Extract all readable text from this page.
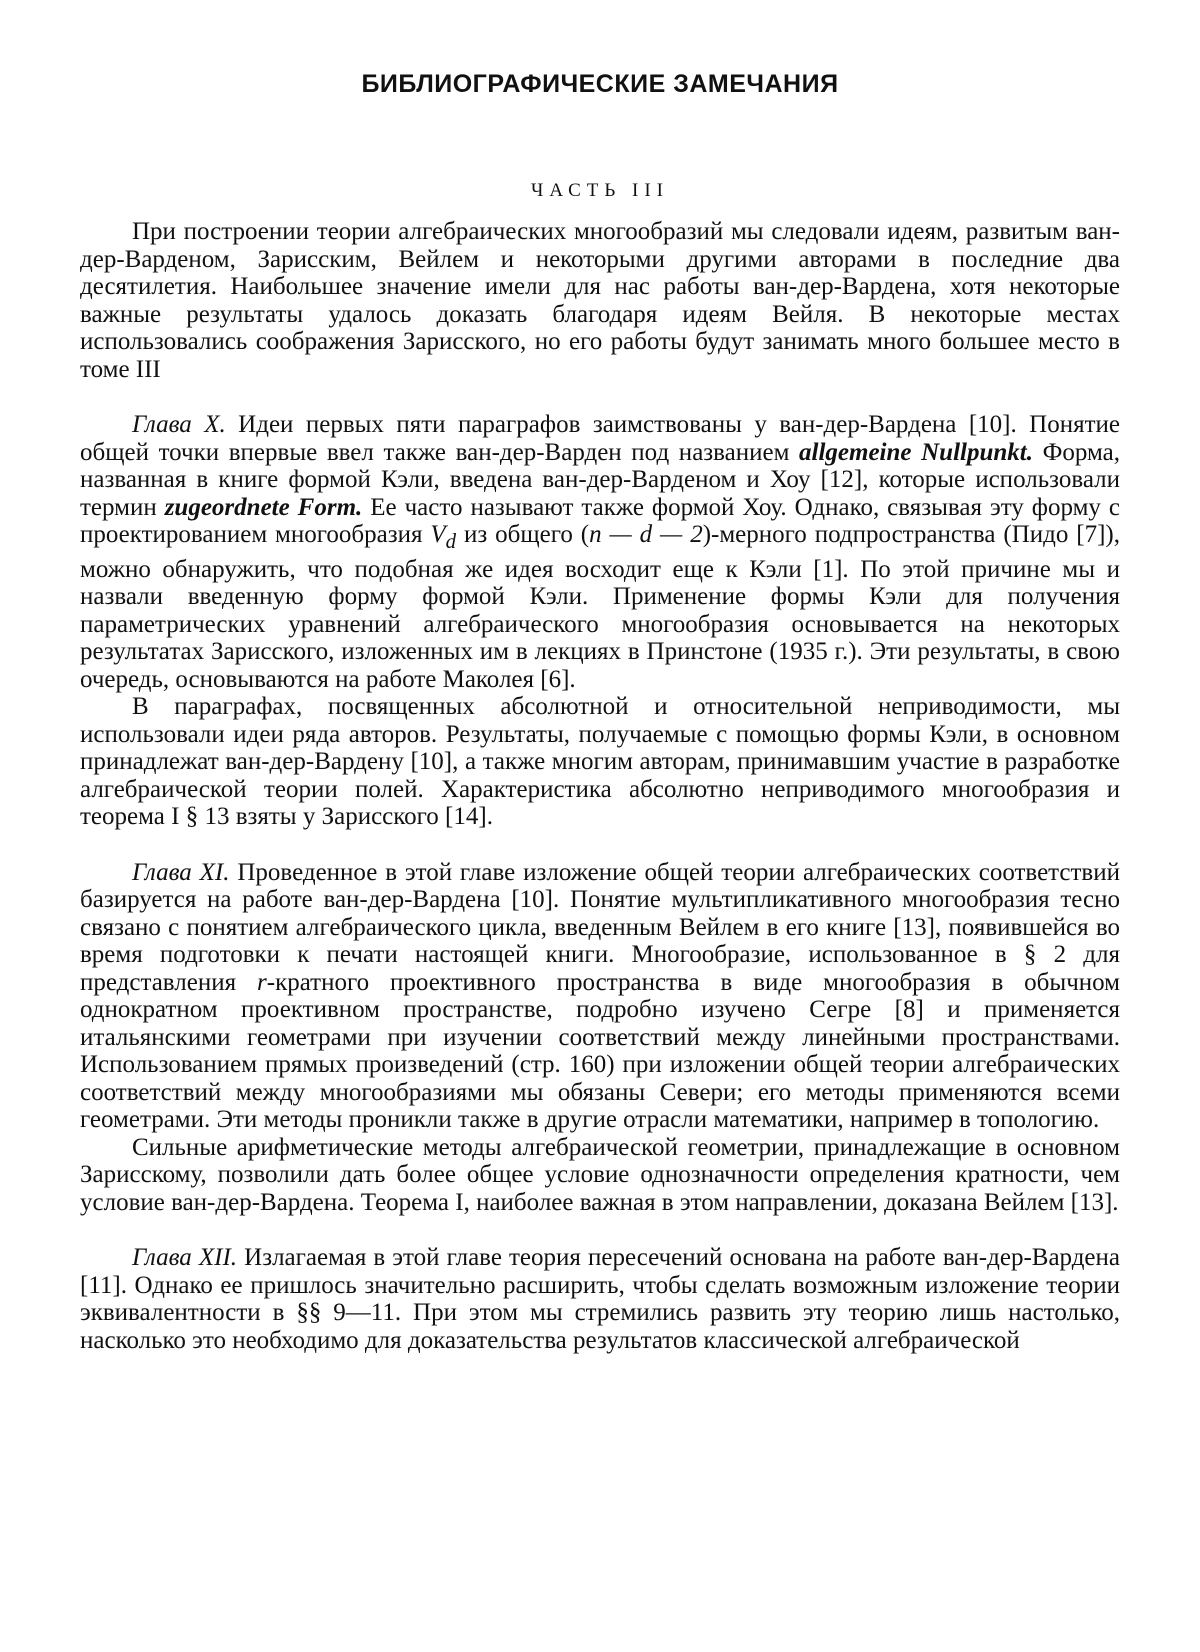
БИБЛИОГРАФИЧЕСКИЕ ЗАМЕЧАНИЯ
ЧАСТЬ III

При построении теории алгебраических многообразий мы следовали идеям, развитым ван-дер-Варденом, Зарисским, Вейлем и некоторыми другими авторами в последние два десятилетия. Наибольшее значение имели для нас работы ван-дер-Вардена, хотя некоторые важные результаты удалось доказать благодаря идеям Вейля. В некоторые местах использовались соображения Зарисского, но его работы будут занимать много большее место в томе III

Глава X. Идеи первых пяти параграфов заимствованы у ван-дер-Вардена [10]. Понятие общей точки впервые ввел также ван-дер-Варден под названием allgemeine Nullpunkt. Форма, названная в книге формой Кэли, введена ван-дер-Варденом и Хоу [12], которые использовали термин zugeordnete Form. Ее часто называют также формой Хоу. Однако, связывая эту форму с проектированием многообразия Vd из общего (n — d — 2)-мерного подпространства (Пидо [7]), можно обнаружить, что подобная же идея восходит еще к Кэли [1]. По этой причине мы и назвали введенную форму формой Кэли. Применение формы Кэли для получения параметрических уравнений алгебраического многообразия основывается на некоторых результатах Зарисского, изложенных им в лекциях в Принстоне (1935 г.). Эти результаты, в свою очередь, основываются на работе Маколея [6].

В параграфах, посвященных абсолютной и относительной неприводимости, мы использовали идеи ряда авторов. Результаты, получаемые с помощью формы Кэли, в основном принадлежат ван-дер-Вардену [10], а также многим авторам, принимавшим участие в разработке алгебраической теории полей. Характеристика абсолютно неприводимого многообразия и теорема I § 13 взяты у Зарисского [14].

Глава XI. Проведенное в этой главе изложение общей теории алгебраических соответствий базируется на работе ван-дер-Вардена [10]. Понятие мультипликативного многообразия тесно связано с понятием алгебраического цикла, введенным Вейлем в его книге [13], появившейся во время подготовки к печати настоящей книги. Многообразие, использованное в § 2 для представления r-кратного проективного пространства в виде многообразия в обычном однократном проективном пространстве, подробно изучено Сегре [8] и применяется итальянскими геометрами при изучении соответствий между линейными пространствами. Использованием прямых произведений (стр. 160) при изложении общей теории алгебраических соответствий между многообразиями мы обязаны Севери; его методы применяются всеми геометрами. Эти методы проникли также в другие отрасли математики, например в топологию.

Сильные арифметические методы алгебраической геометрии, принадлежащие в основном Зарисскому, позволили дать более общее условие однозначности определения кратности, чем условие ван-дер-Вардена. Теорема I, наиболее важная в этом направлении, доказана Вейлем [13].

Глава XII. Излагаемая в этой главе теория пересечений основана на работе ван-дер-Вардена [11]. Однако ее пришлось значительно расширить, чтобы сделать возможным изложение теории эквивалентности в §§ 9—11. При этом мы стремились развить эту теорию лишь настолько, насколько это необходимо для доказательства результатов классической алгебраической
